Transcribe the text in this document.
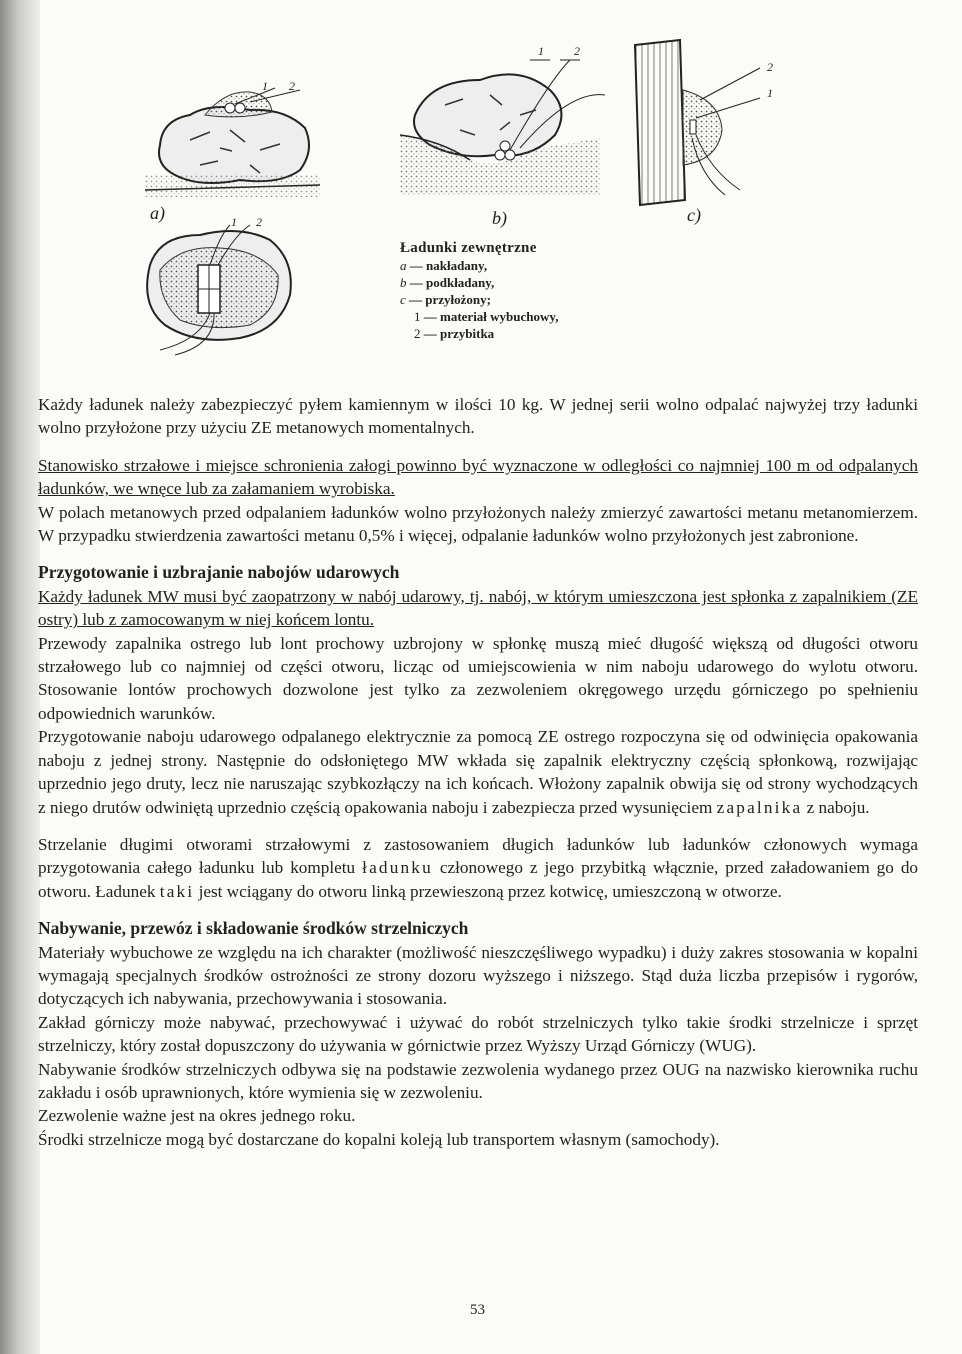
a)	b)	c)
1 2
1	2
2
1
1 2
Ładunki zewnętrzne
a — nakładany,
b — podkładany,
c — przyłożony;
1 — materiał wybuchowy,
2 — przybitka

Każdy ładunek należy zabezpieczyć pyłem kamiennym w ilości 10 kg. W jednej serii wolno odpalać najwyżej trzy ładunki wolno przyłożone przy użyciu ZE metanowych momentalnych.

Stanowisko strzałowe i miejsce schronienia załogi powinno być wyznaczone w odległości co najmniej 100 m od odpalanych ładunków, we wnęce lub za załamaniem wyrobiska.

W polach metanowych przed odpalaniem ładunków wolno przyłożonych należy zmierzyć zawartości metanu metanomierzem. W przypadku stwierdzenia zawartości metanu 0,5% i więcej, odpalanie ładunków wolno przyłożonych jest zabronione.

Przygotowanie i uzbrajanie nabojów udarowych

Każdy ładunek MW musi być zaopatrzony w nabój udarowy, tj. nabój, w którym umieszczona jest spłonka z zapalnikiem (ZE ostry) lub z zamocowanym w niej końcem lontu.

Przewody zapalnika ostrego lub lont prochowy uzbrojony w spłonkę muszą mieć długość większą od długości otworu strzałowego lub co najmniej od części otworu, licząc od umiejscowienia w nim naboju udarowego do wylotu otworu. Stosowanie lontów prochowych dozwolone jest tylko za zezwoleniem okręgowego urzędu górniczego po spełnieniu odpowiednich warunków.

Przygotowanie naboju udarowego odpalanego elektrycznie za pomocą ZE ostrego rozpoczyna się od odwinięcia opakowania naboju z jednej strony. Następnie do odsłoniętego MW wkłada się zapalnik elektryczny częścią spłonkową, rozwijając uprzednio jego druty, lecz nie naruszając szybkozłączy na ich końcach. Włożony zapalnik obwija się od strony wychodzących z niego drutów odwiniętą uprzednio częścią opakowania naboju i zabezpiecza przed wysunięciem zapalnika z naboju.

Strzelanie długimi otworami strzałowymi z zastosowaniem długich ładunków lub ładunków członowych wymaga przygotowania całego ładunku lub kompletu ładunku członowego z jego przybitką włącznie, przed załadowaniem go do otworu. Ładunek taki jest wciągany do otworu linką przewieszoną przez kotwicę, umieszczoną w otworze.

Nabywanie, przewóz i składowanie środków strzelniczych

Materiały wybuchowe ze względu na ich charakter (możliwość nieszczęśliwego wypadku) i duży zakres stosowania w kopalni wymagają specjalnych środków ostrożności ze strony dozoru wyższego i niższego. Stąd duża liczba przepisów i rygorów, dotyczących ich nabywania, przechowywania i stosowania.

Zakład górniczy może nabywać, przechowywać i używać do robót strzelniczych tylko takie środki strzelnicze i sprzęt strzelniczy, który został dopuszczony do używania w górnictwie przez Wyższy Urząd Górniczy (WUG).

Nabywanie środków strzelniczych odbywa się na podstawie zezwolenia wydanego przez OUG na nazwisko kierownika ruchu zakładu i osób uprawnionych, które wymienia się w zezwoleniu.

Zezwolenie ważne jest na okres jednego roku.

Środki strzelnicze mogą być dostarczane do kopalni koleją lub transportem własnym (samochody).

53
